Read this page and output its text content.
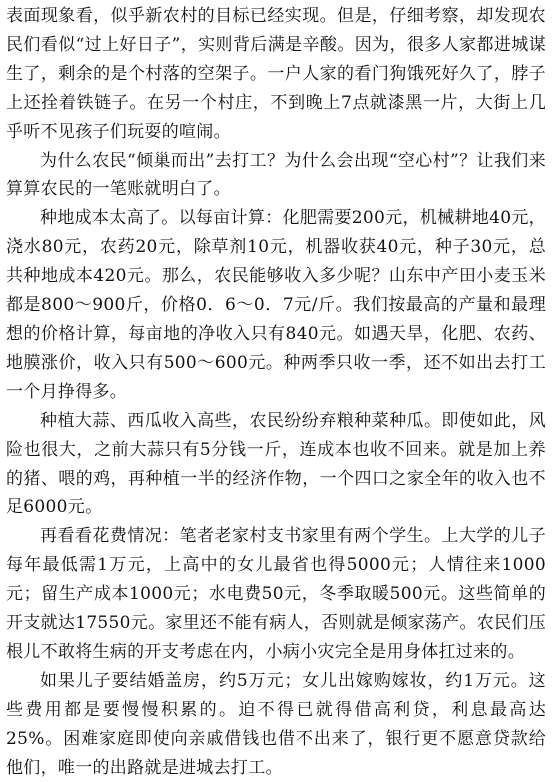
表面现象看，似乎新农村的目标已经实现。但是，仔细考察，却发现农民们看似“过上好日子”，实则背后满是辛酸。因为，很多人家都进城谋生了，剩余的是个村落的空架子。一户人家的看门狗饿死好久了，脖子上还拴着铁链子。在另一个村庄，不到晚上7点就漆黑一片，大街上几乎听不见孩子们玩耍的喧闹。

为什么农民“倾巢而出”去打工？为什么会出现“空心村”？让我们来算算农民的一笔账就明白了。

种地成本太高了。以每亩计算：化肥需要200元，机械耕地40元，浇水80元，农药20元，除草剂10元，机器收获40元，种子30元，总共种地成本420元。那么，农民能够收入多少呢？山东中产田小麦玉米都是800～900斤，价格0．6～0．7元/斤。我们按最高的产量和最理想的价格计算，每亩地的净收入只有840元。如遇天旱，化肥、农药、地膜涨价，收入只有500～600元。种两季只收一季，还不如出去打工一个月挣得多。

种植大蒜、西瓜收入高些，农民纷纷弃粮种菜种瓜。即使如此，风险也很大，之前大蒜只有5分钱一斤，连成本也收不回来。就是加上养的猪、喂的鸡，再种植一半的经济作物，一个四口之家全年的收入也不足6000元。

再看看花费情况：笔者老家村支书家里有两个学生。上大学的儿子每年最低需1万元，上高中的女儿最省也得5000元；人情往来1000元；留生产成本1000元；水电费50元，冬季取暖500元。这些简单的开支就达17550元。家里还不能有病人，否则就是倾家荡产。农民们压根儿不敢将生病的开支考虑在内，小病小灾完全是用身体扛过来的。

如果儿子要结婚盖房，约5万元；女儿出嫁购嫁妆，约1万元。这些费用都是要慢慢积累的。迫不得已就得借高利贷，利息最高达25%。困难家庭即使向亲戚借钱也借不出来了，银行更不愿意贷款给他们，唯一的出路就是进城去打工。
